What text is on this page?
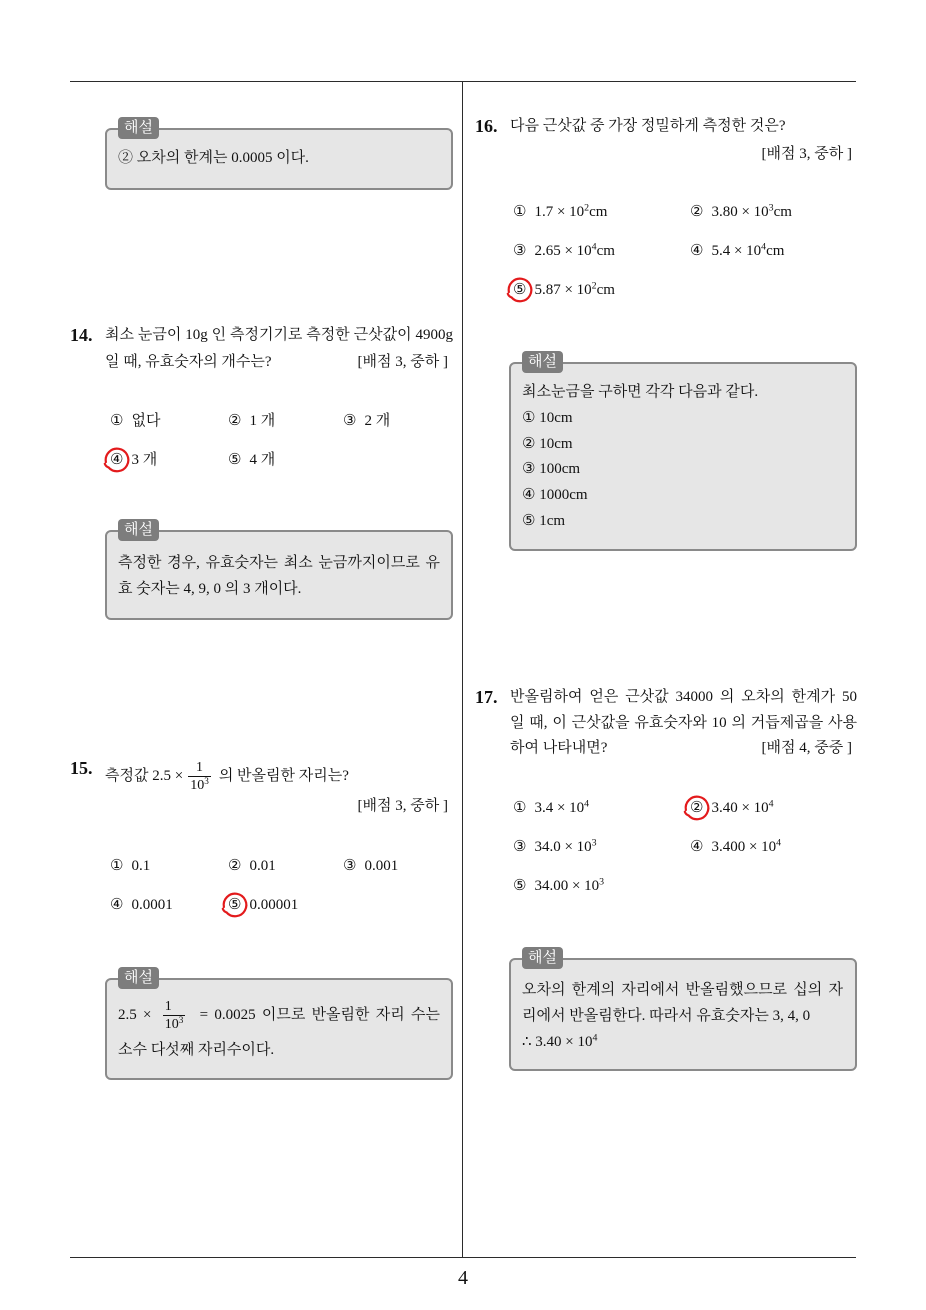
4
해설
② 오차의 한계는 0.0005 이다.
14. 최소 눈금이 10g 인 측정기기로 측정한 근삿값이 4900g
일 때, 유효숫자의 개수는?	[배점 3, 중하 ]
① 없다	② 1 개	③ 2 개
④ 3 개	⑤ 4 개
해설
측정한 경우, 유효숫자는 최소 눈금까지이므로 유
효 숫자는 4, 9, 0 의 3 개이다.
15. 측정값 $2.5 \times \frac{1}{10^3}$ 의 반올림한 자리는?
[배점 3, 중하 ]
① 0.1	② 0.01	③ 0.001
④ 0.0001	⑤ 0.00001
해설
$2.5 \times \frac{1}{10^3} = 0.0025$ 이므로 반올림한 자리 수는
소수 다섯째 자리수이다.
16. 다음 근삿값 중 가장 정밀하게 측정한 것은?
[배점 3, 중하 ]
① $1.7 \times 10^2cm$	② $3.80 \times 10^3cm$
③ $2.65 \times 10^4cm$	④ $5.4 \times 10^4cm$
⑤ $5.87 \times 10^2cm$
해설
최소눈금을 구하면 각각 다음과 같다.
① 10cm
② 10cm
③ 100cm
④ 1000cm
⑤ 1cm
17. 반올림하여 얻은 근삿값 34000 의 오차의 한계가 50
일 때, 이 근삿값을 유효숫자와 10 의 거듭제곱을 사용
하여 나타내면?	[배점 4, 중중 ]
① $3.4 \times 10^4$	② $3.40 \times 10^4$
③ $34.0 \times 10^3$	④ $3.400 \times 10^4$
⑤ $34.00 \times 10^3$
해설
오차의 한계의 자리에서 반올림했으므로 십의 자
리에서 반올림한다. 따라서 유효숫자는 3, 4, 0
∴ $3.40 \times 10^4$
